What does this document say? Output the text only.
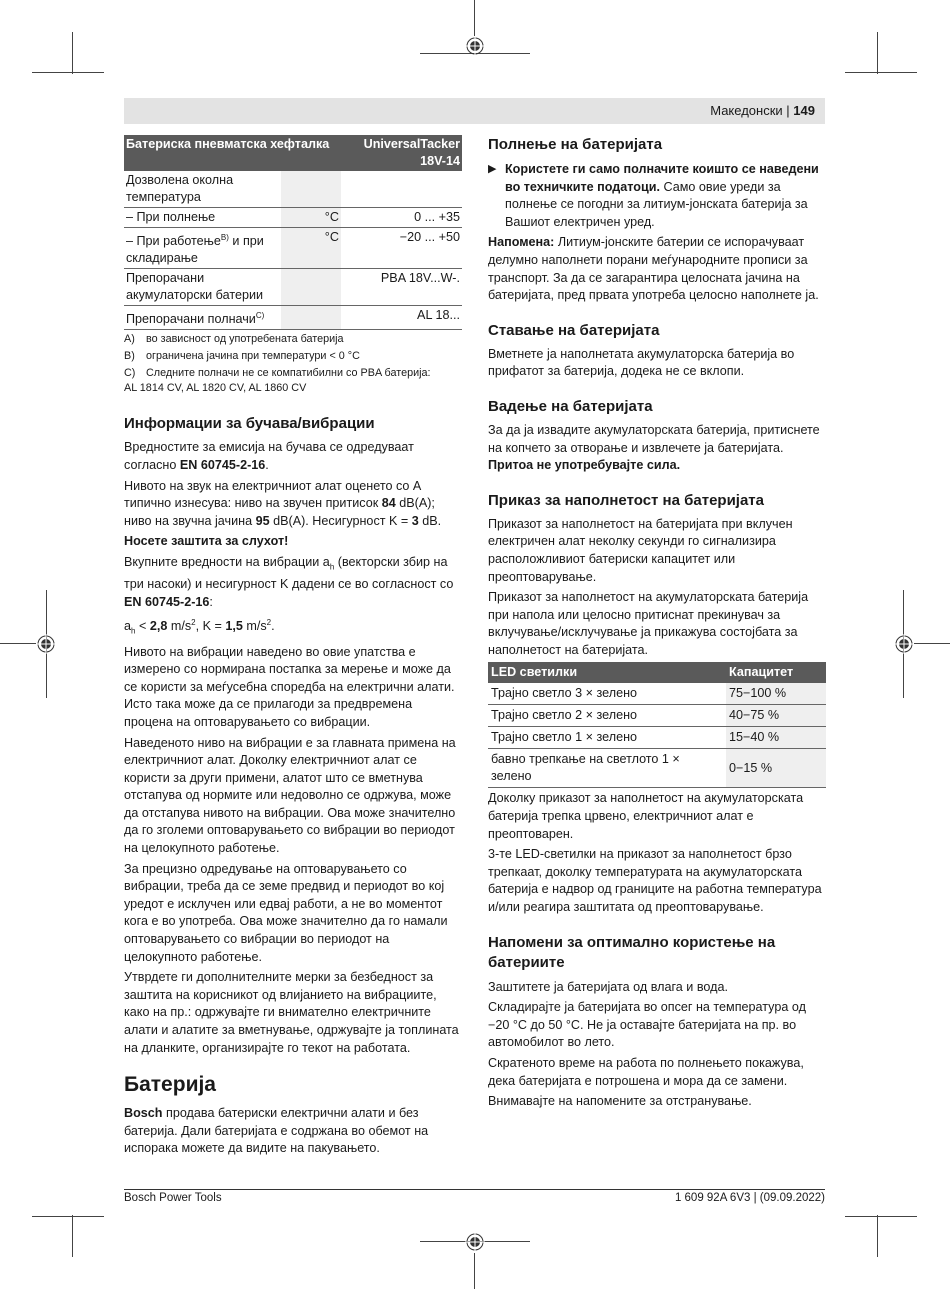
Македонски | 149
Батериска пневматска хефталка		UniversalTacker 18V-14
Дозволена околна температура		
– При полнење	°C	0 ... +35
– При работење$^{B)}$ и при складирање	°C	−20 ... +50
Препорачани акумулаторски батерии		PBA 18V...W-.
Препорачани полначи$^{C)}$		AL 18...
A)	во зависност од употребената батерија
B)	ограничена јачина при температури < 0 °C
C) Следните полначи не се компатибилни со PBA батерија:
AL 1814 CV, AL 1820 CV, AL 1860 CV
Информации за бучава/вибрации

Вредностите за емисија на бучава се одредуваат согласно EN 60745-2-16.

Нивото на звук на електричниот алат оценето со A типично изнесува: ниво на звучен притисок 84 dB(A); ниво на звучна јачина 95 dB(A). Несигурност K = 3 dB.

Носете заштита за слухот!

Вкупните вредности на вибрации $a_h$ (векторски збир на три насоки) и несигурност K дадени се во согласност со EN 60745-2-16:

$a_h < 2,8$ $m/s^2$, K = 1,5 $m/s^2$.

Нивото на вибрации наведено во овие упатства е измерено со нормирана постапка за мерење и може да се користи за меѓусебна споредба на електрични алати. Исто така може да се прилагоди за предвремена процена на оптоварувањето со вибрации.

Наведеното ниво на вибрации е за главната примена на електричниот алат. Доколку електричниот алат се користи за други примени, алатот што се вметнува отстапува од нормите или недоволно се одржува, може да отстапува нивото на вибрации. Ова може значително да го зголеми оптоварувањето со вибрации во периодот на целокупното работење.

За прецизно одредување на оптоварувањето со вибрации, треба да се земе предвид и периодот во кој уредот е исклучен или едвај работи, а не во моментот кога е во употреба. Ова може значително да го намали оптоварувањето со вибрации во периодот на целокупното работење.

Утврдете ги дополнителните мерки за безбедност за заштита на корисникот од влијанието на вибрациите, како на пр.: одржувајте ги внимателно електричните алати и алатите за вметнување, одржувајте ја топлината на дланките, организирајте го текот на работата.

Батерија

Bosch продава батериски електрични алати и без батерија. Дали батеријата е содржана во обемот на испорака можете да видите на пакувањето.

Полнење на батеријата
▶ Користете ги само полначите коишто се наведени во техничките податоци. Само овие уреди за полнење се погодни за литиум-јонската батерија за Вашиот електричен уред.

Напомена: Литиум-јонските батерии се испорачуваат делумно наполнети порани меѓународните прописи за транспорт. За да се загарантира целосната јачина на батеријата, пред првата употреба целосно наполнете ја.

Ставање на батеријата

Вметнете ја наполнетата акумулаторска батерија во прифатот за батерија, додека не се вклопи.

Вадење на батеријата

За да ја извадите акумулаторската батерија, притиснете на копчето за отворање и извлечете ја батеријата. Притоа не употребувајте сила.

Приказ за наполнетост на батеријата

Приказот за наполнетост на батеријата при вклучен електричен алат неколку секунди го сигнализира расположливиот батериски капацитет или преоптоварување.

Приказот за наполнетост на акумулаторската батерија при напола или целосно притиснат прекинувач за вклучување/исклучување ја прикажува состојбата за наполнетост на батеријата.

LED светилки	Капацитет
Трајно светло 3 × зелено	75−100 %
Трајно светло 2 × зелено	40−75 %
Трајно светло 1 × зелено	15−40 %
бавно трепкање на светлото 1 × зелено	0−15 %

Доколку приказот за наполнетост на акумулаторската батерија трепка црвено, електричниот алат е преоптоварен.

3-те LED-светилки на приказот за наполнетост брзо трепкаат, доколку температурата на акумулаторската батерија е надвор од границите на работна температура и/или реагира заштитата од преоптоварување.

Напомени за оптимално користење на батериите

Заштитете ја батеријата од влага и вода.

Складирајте ја батеријата во опсег на температура од −20 °C до 50 °C. Не ја оставајте батеријата на пр. во автомобилот во лето.

Скратеното време на работа по полнењето покажува, дека батеријата е потрошена и мора да се замени.

Внимавајте на напомените за отстранување.

Bosch Power Tools	1 609 92A 6V3 | (09.09.2022)
